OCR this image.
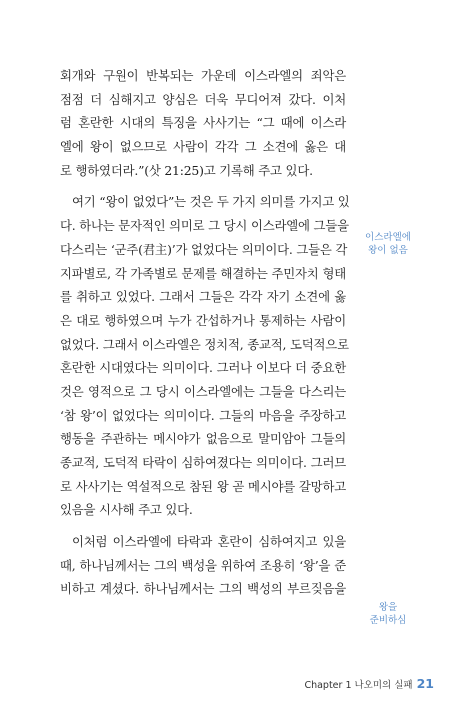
회개와 구원이 반복되는 가운데 이스라엘의 죄악은
점점 더 심해지고 양심은 더욱 무디어져 갔다. 이처
럼 혼란한 시대의 특징을 사사기는 “그 때에 이스라
엘에 왕이 없으므로 사람이 각각 그 소견에 옳은 대
로 행하였더라.”(삿 21:25)고 기록해 주고 있다.
여기 “왕이 없었다”는 것은 두 가지 의미를 가지고 있
다. 하나는 문자적인 의미로 그 당시 이스라엘에 그들을
다스리는 ‘군주(君主)’가 없었다는 의미이다. 그들은 각
지파별로, 각 가족별로 문제를 해결하는 주민자치 형태
를 취하고 있었다. 그래서 그들은 각각 자기 소견에 옳
은 대로 행하였으며 누가 간섭하거나 통제하는 사람이
없었다. 그래서 이스라엘은 정치적, 종교적, 도덕적으로
혼란한 시대였다는 의미이다. 그러나 이보다 더 중요한
것은 영적으로 그 당시 이스라엘에는 그들을 다스리는
‘참 왕’이 없었다는 의미이다. 그들의 마음을 주장하고
행동을 주관하는 메시야가 없음으로 말미암아 그들의
종교적, 도덕적 타락이 심하여졌다는 의미이다. 그러므
로 사사기는 역설적으로 참된 왕 곧 메시야를 갈망하고
있음을 시사해 주고 있다.
이처럼 이스라엘에 타락과 혼란이 심하여지고 있을
때, 하나님께서는 그의 백성을 위하여 조용히 ‘왕’을 준
비하고 계셨다. 하나님께서는 그의 백성의 부르짖음을
이스라엘에
왕이 없음
왕을
준비하심
Chapter 1 나오미의 실패 21
